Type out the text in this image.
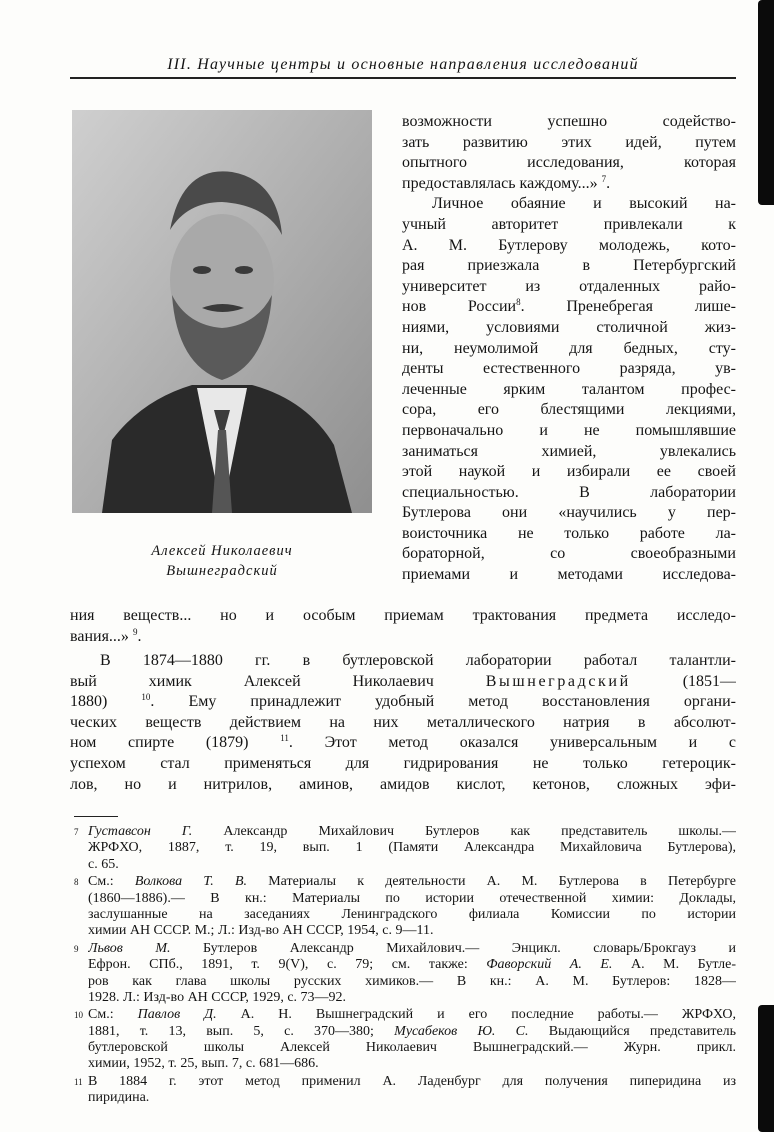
III. Научные центры и основные направления исследований
Алексей Николаевич
Вышнеградский
возможности успешно содейство-
зать развитию этих идей, путем
опытного исследования, которая
предоставлялась каждому...» $^7$.
Личное обаяние и высокий на-
учный авторитет привлекали к
А. М. Бутлерову молодежь, кото-
рая приезжала в Петербургский
университет из отдаленных райо-
нов России$^8$. Пренебрегая лише-
ниями, условиями столичной жиз-
ни, неумолимой для бедных, сту-
денты естественного разряда, ув-
леченные ярким талантом профес-
сора, его блестящими лекциями,
первоначально и не помышлявшие
заниматься химией, увлекались
этой наукой и избирали ее своей
специальностью. В лаборатории
Бутлерова они «научились у пер-
воисточника не только работе ла-
бораторной, со своеобразными
приемами и методами исследова-
ния веществ... но и особым приемам трактования предмета исследо-
вания...» $^9$.
В 1874—1880 гг. в бутлеровской лаборатории работал талантли-
вый химик Алексей Николаевич	Вышнеградский	(1851—
1880)	$^{10}$. Ему принадлежит удобный метод восстановления органи-
ческих веществ действием на них металлического натрия в абсолют-
ном спирте (1879)	$^{11}$. Этот метод оказался универсальным и с
успехом стал применяться для гидрирования не только гетероцик-
лов, но и нитрилов, аминов, амидов кислот, кетонов, сложных эфи-
7 Густавсон Г. Александр Михайлович Бутлеров как представитель школы.—
ЖРФХО, 1887, т. 19, вып. 1 (Памяти Александра Михайловича Бутлерова),
с. 65.
8 См.: Волкова Т. В. Материалы к деятельности А. М. Бутлерова в Петербурге
(1860—1886).— В кн.: Материалы по истории отечественной химии: Доклады,
заслушанные на заседаниях Ленинградского филиала Комиссии по истории
химии АН СССР. М.; Л.: Изд-во АН СССР, 1954, с. 9—11.
9 Львов М. Бутлеров Александр Михайлович.— Энцикл. словарь/Брокгауз и
Ефрон. СПб., 1891, т. 9(V), с. 79; см. также: Фаворский А. Е. А. М. Бутле-
ров как глава школы русских химиков.— В кн.: А. М. Бутлеров: 1828—
1928. Л.: Изд-во АН СССР, 1929, с. 73—92.
10 См.: Павлов Д. А. Н. Вышнеградский и его последние работы.— ЖРФХО,
1881, т. 13, вып. 5, с. 370—380; Мусабеков Ю. С. Выдающийся представитель
бутлеровской школы Алексей Николаевич Вышнеградский.— Журн. прикл.
химии, 1952, т. 25, вып. 7, с. 681—686.
11 В 1884 г. этот метод применил А. Ладенбург для получения пиперидина из
пиридина.
